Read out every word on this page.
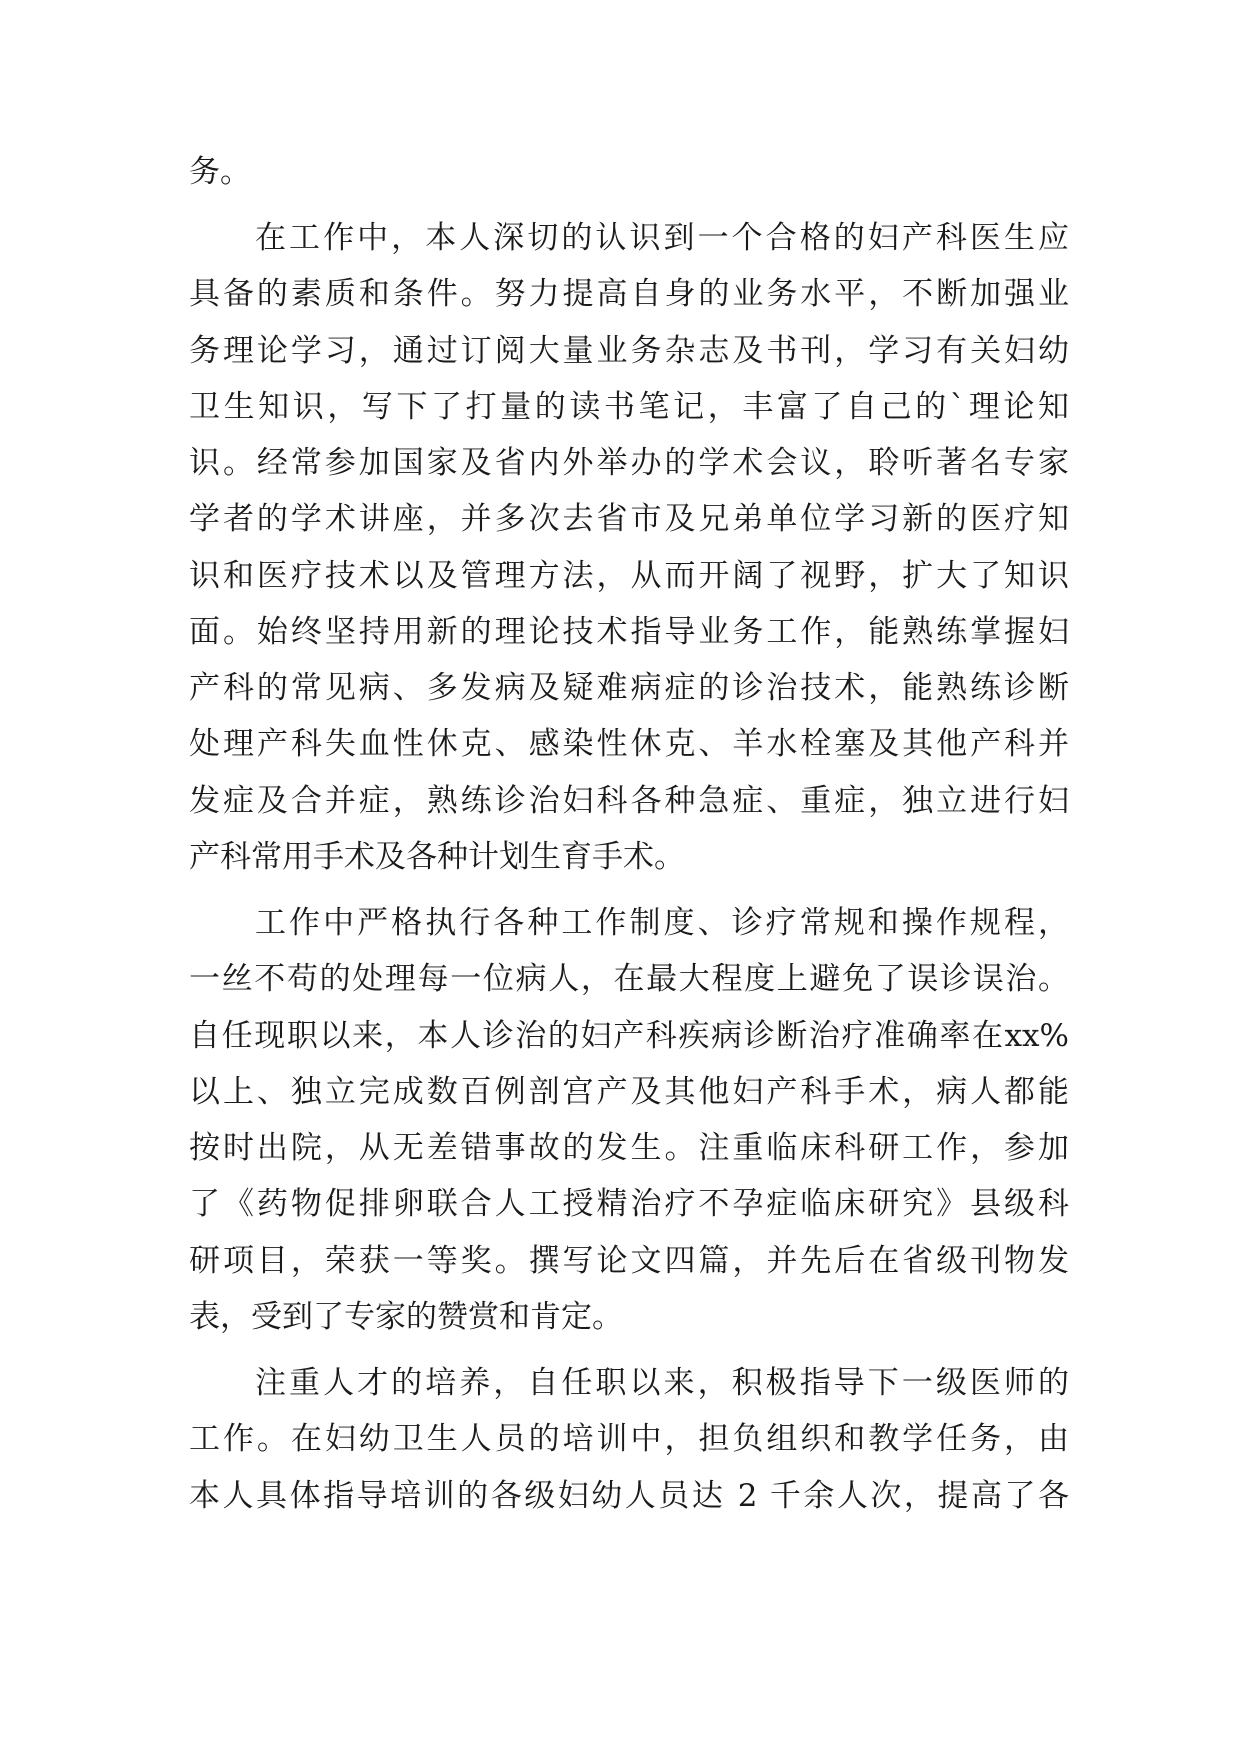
务。
在工作中，本人深切的认识到一个合格的妇产科医生应
具备的素质和条件。努力提高自身的业务水平，不断加强业
务理论学习，通过订阅大量业务杂志及书刊，学习有关妇幼
卫生知识，写下了打量的读书笔记，丰富了自己的`理论知
识。经常参加国家及省内外举办的学术会议，聆听著名专家
学者的学术讲座，并多次去省市及兄弟单位学习新的医疗知
识和医疗技术以及管理方法，从而开阔了视野，扩大了知识
面。始终坚持用新的理论技术指导业务工作，能熟练掌握妇
产科的常见病、多发病及疑难病症的诊治技术，能熟练诊断
处理产科失血性休克、感染性休克、羊水栓塞及其他产科并
发症及合并症，熟练诊治妇科各种急症、重症，独立进行妇
产科常用手术及各种计划生育手术。
工作中严格执行各种工作制度、诊疗常规和操作规程，
一丝不苟的处理每一位病人，在最大程度上避免了误诊误治。
自任现职以来，本人诊治的妇产科疾病诊断治疗准确率在xx%
以上、独立完成数百例剖宫产及其他妇产科手术，病人都能
按时出院，从无差错事故的发生。注重临床科研工作，参加
了《药物促排卵联合人工授精治疗不孕症临床研究》县级科
研项目，荣获一等奖。撰写论文四篇，并先后在省级刊物发
表，受到了专家的赞赏和肯定。
注重人才的培养，自任职以来，积极指导下一级医师的
工作。在妇幼卫生人员的培训中，担负组织和教学任务，由
本人具体指导培训的各级妇幼人员达 2 千余人次，提高了各
